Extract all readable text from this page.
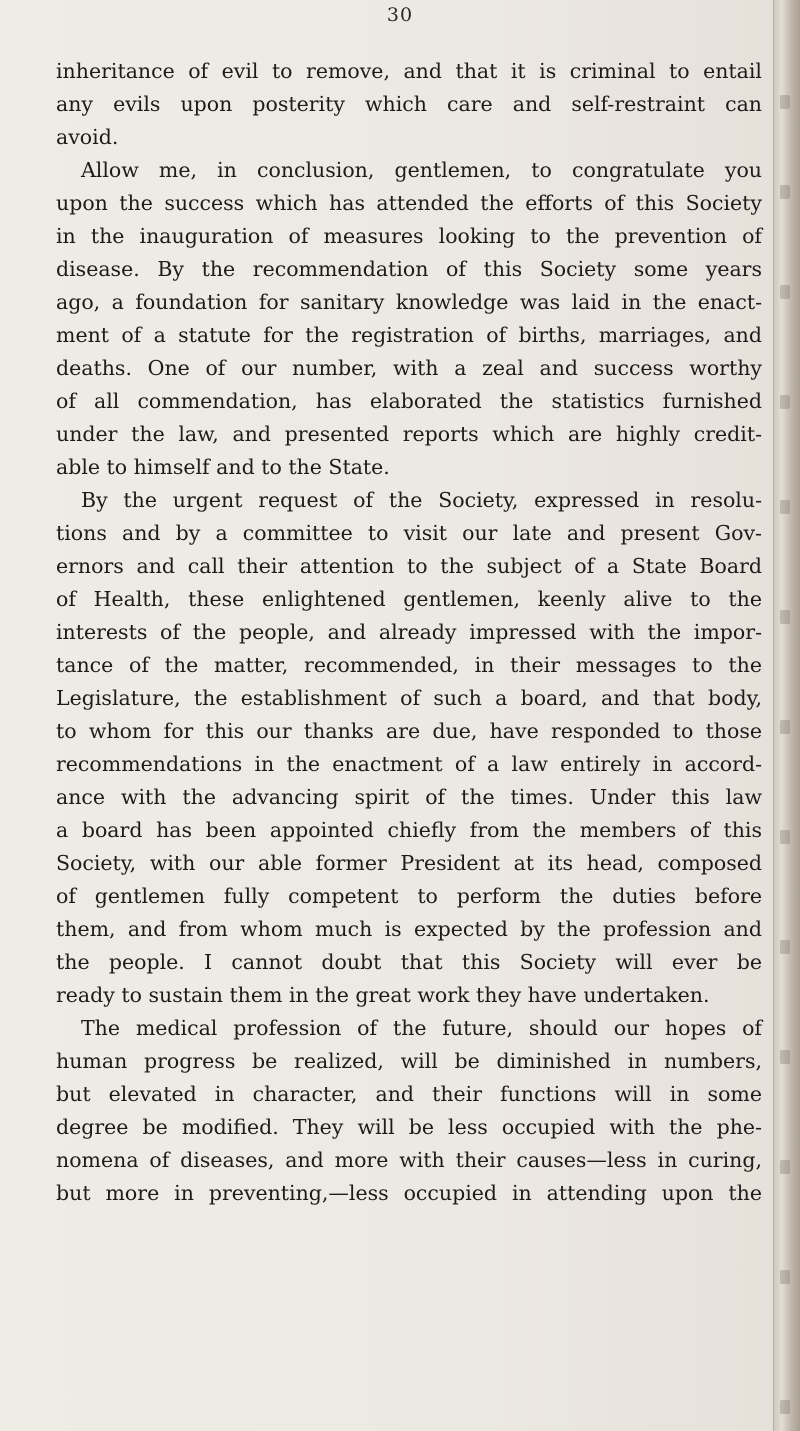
30
inheritance of evil to remove, and that it is criminal to entail
any evils upon posterity which care and self-restraint can
avoid.
Allow me, in conclusion, gentlemen, to congratulate you
upon the success which has attended the efforts of this Society
in the inauguration of measures looking to the prevention of
disease. By the recommendation of this Society some years
ago, a foundation for sanitary knowledge was laid in the enact-
ment of a statute for the registration of births, marriages, and
deaths. One of our number, with a zeal and success worthy
of all commendation, has elaborated the statistics furnished
under the law, and presented reports which are highly credit-
able to himself and to the State.
By the urgent request of the Society, expressed in resolu-
tions and by a committee to visit our late and present Gov-
ernors and call their attention to the subject of a State Board
of Health, these enlightened gentlemen, keenly alive to the
interests of the people, and already impressed with the impor-
tance of the matter, recommended, in their messages to the
Legislature, the establishment of such a board, and that body,
to whom for this our thanks are due, have responded to those
recommendations in the enactment of a law entirely in accord-
ance with the advancing spirit of the times. Under this law
a board has been appointed chiefly from the members of this
Society, with our able former President at its head, composed
of gentlemen fully competent to perform the duties before
them, and from whom much is expected by the profession and
the people. I cannot doubt that this Society will ever be
ready to sustain them in the great work they have undertaken.
The medical profession of the future, should our hopes of
human progress be realized, will be diminished in numbers,
but elevated in character, and their functions will in some
degree be modified. They will be less occupied with the phe-
nomena of diseases, and more with their causes—less in curing,
but more in preventing,—less occupied in attending upon the
